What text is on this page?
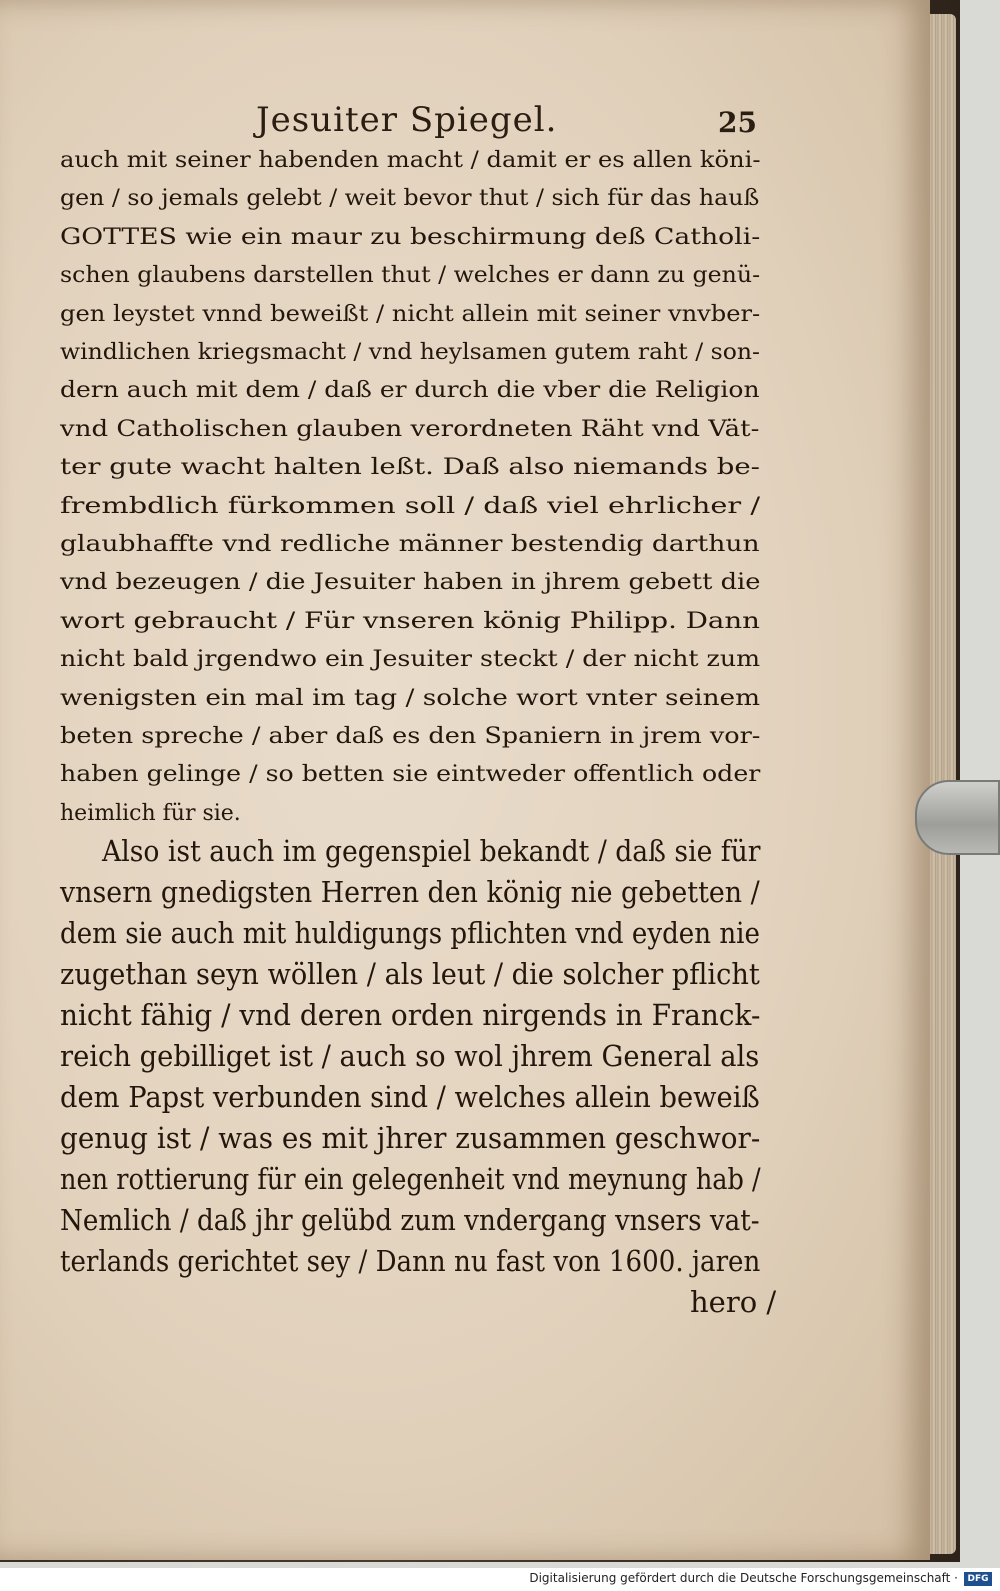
Jesuiter Spiegel.	25
auch mit seiner habenden macht / damit er es allen köni-
gen / so jemals gelebt / weit bevor thut / sich für das hauß
GOTTES wie ein maur zu beschirmung deß Catholi-
schen glaubens darstellen thut / welches er dann zu genü-
gen leystet vnnd beweißt / nicht allein mit seiner vnvber-
windlichen kriegsmacht / vnd heylsamen gutem raht / son-
dern auch mit dem / daß er durch die vber die Religion
vnd Catholischen glauben verordneten Räht vnd Vät-
ter gute wacht halten leßt. Daß also niemands be-
frembdlich fürkommen soll / daß viel ehrlicher /
glaubhaffte vnd redliche männer bestendig darthun
vnd bezeugen / die Jesuiter haben in jhrem gebett die
wort gebraucht / Für vnseren könig Philipp. Dann
nicht bald jrgendwo ein Jesuiter steckt / der nicht zum
wenigsten ein mal im tag / solche wort vnter seinem
beten spreche / aber daß es den Spaniern in jrem vor-
haben gelinge / so betten sie eintweder offentlich oder
heimlich für sie.
Also ist auch im gegenspiel bekandt / daß sie für
vnsern gnedigsten Herren den könig nie gebetten /
dem sie auch mit huldigungs pflichten vnd eyden nie
zugethan seyn wöllen / als leut / die solcher pflicht
nicht fähig / vnd deren orden nirgends in Franck-
reich gebilliget ist / auch so wol jhrem General als
dem Papst verbunden sind / welches allein beweiß
genug ist / was es mit jhrer zusammen geschwor-
nen rottierung für ein gelegenheit vnd meynung hab /
Nemlich / daß jhr gelübd zum vndergang vnsers vat-
terlands gerichtet sey / Dann nu fast von 1600. jaren
hero /
Digitalisierung gefördert durch die Deutsche Forschungsgemeinschaft ·	DFG
